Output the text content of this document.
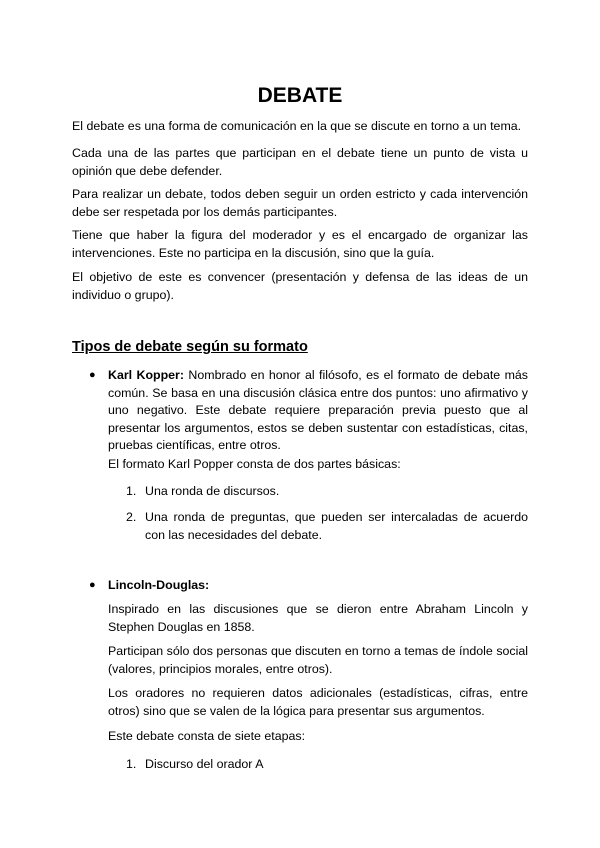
DEBATE

El debate es una forma de comunicación en la que se discute en torno a un tema.

Cada una de las partes que participan en el debate tiene un punto de vista u opinión que debe defender.

Para realizar un debate, todos deben seguir un orden estricto y cada intervención debe ser respetada por los demás participantes.

Tiene que haber la figura del moderador y es el encargado de organizar las intervenciones. Este no participa en la discusión, sino que la guía.

El objetivo de este es convencer (presentación y defensa de las ideas de un individuo o grupo).

Tipos de debate según su formato
● Karl Kopper: Nombrado en honor al filósofo, es el formato de debate más común. Se basa en una discusión clásica entre dos puntos: uno afirmativo y uno negativo. Este debate requiere preparación previa puesto que al presentar los argumentos, estos se deben sustentar con estadísticas, citas, pruebas científicas, entre otros.

El formato Karl Popper consta de dos partes básicas:

1. Una ronda de discursos.

2. Una ronda de preguntas, que pueden ser intercaladas de acuerdo con las necesidades del debate.

● Lincoln-Douglas:

Inspirado en las discusiones que se dieron entre Abraham Lincoln y Stephen Douglas en 1858.

Participan sólo dos personas que discuten en torno a temas de índole social (valores, principios morales, entre otros).

Los oradores no requieren datos adicionales (estadísticas, cifras, entre otros) sino que se valen de la lógica para presentar sus argumentos.

Este debate consta de siete etapas:

1. Discurso del orador A
